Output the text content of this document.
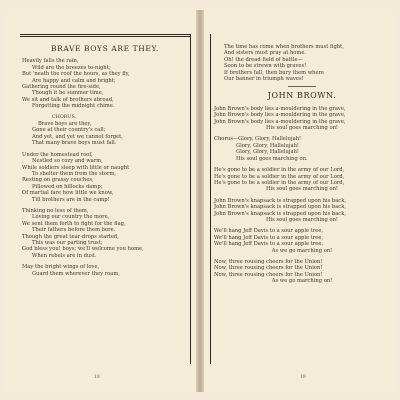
BRAVE BOYS ARE THEY.
Heavily falls the rain,
Wild are the breezes to-night;
But 'neath the roof the hours, as they fly,
Are happy and calm and bright;
Gathering round the fire-side,
Though it be summer time,
We sit and talk of brothers abroad,
Forgetting the midnight chime.
CHORUS.
Brave boys are they,
Gone at their country's call;
And yet, and yet we cannot forget,
That many brave boys must fall.
Under the homestead roof,
Nestled so cozy and warm,
While soldiers sleep with little or naught
To shelter them from the storm,
Resting on grassy couches,
Pillowed on hillocks damp;
Of martial fare how little we know,
Till brothers are in the camp!
Thinking no less of them,
Loving our country the more,
We sent them forth to fight for the flag,
Their fathers before them bore.
Though the great tear-drops started,
This was our parting trust;
God bless you! boys; we'll welcome you home,
When rebels are in dust.
May the bright wings of love,
Guard them wherever they roam,
18
The time has come when brothers must fight,
And sisters must pray at home.
Oh! the dread field of battle—
Soon to be strewn with graves!
If brothers fall, then bury them where
Our banner in triumph waves!
JOHN BROWN.
John Brown's body lies a-mouldering in the grave,
John Brown's body lies a-mouldering in the grave,
John Brown's body lies a-mouldering in the grave,
His soul goes marching on!
Chorus—Glory, Glory, Hallelujah!
Glory, Glory, Hallelujah!
Glory, Glory, Hallelujah!
His soul goes marching on.
He's gone to be a soldier in the army of our Lord,
He's gone to be a soldier in the army of our Lord,
He's gone to be a soldier in the army of our Lord,
His soul goes marching on!
John Brown's knapsack is strapped upon his back,
John Brown's knapsack is strapped upon his back,
John Brown's knapsack is strapped upon his back,
His soul goes marching on!
We'll hang Jeff Davis to a sour apple tree,
We'll hang Jeff Davis to a sour apple tree,
We'll hang Jeff Davis to a sour apple tree,
As we go marching on!
Now, three rousing cheers for the Union!
Now, three rousing cheers for the Union!
Now, three rousing cheers for the Union!
As we go marching on!
19
